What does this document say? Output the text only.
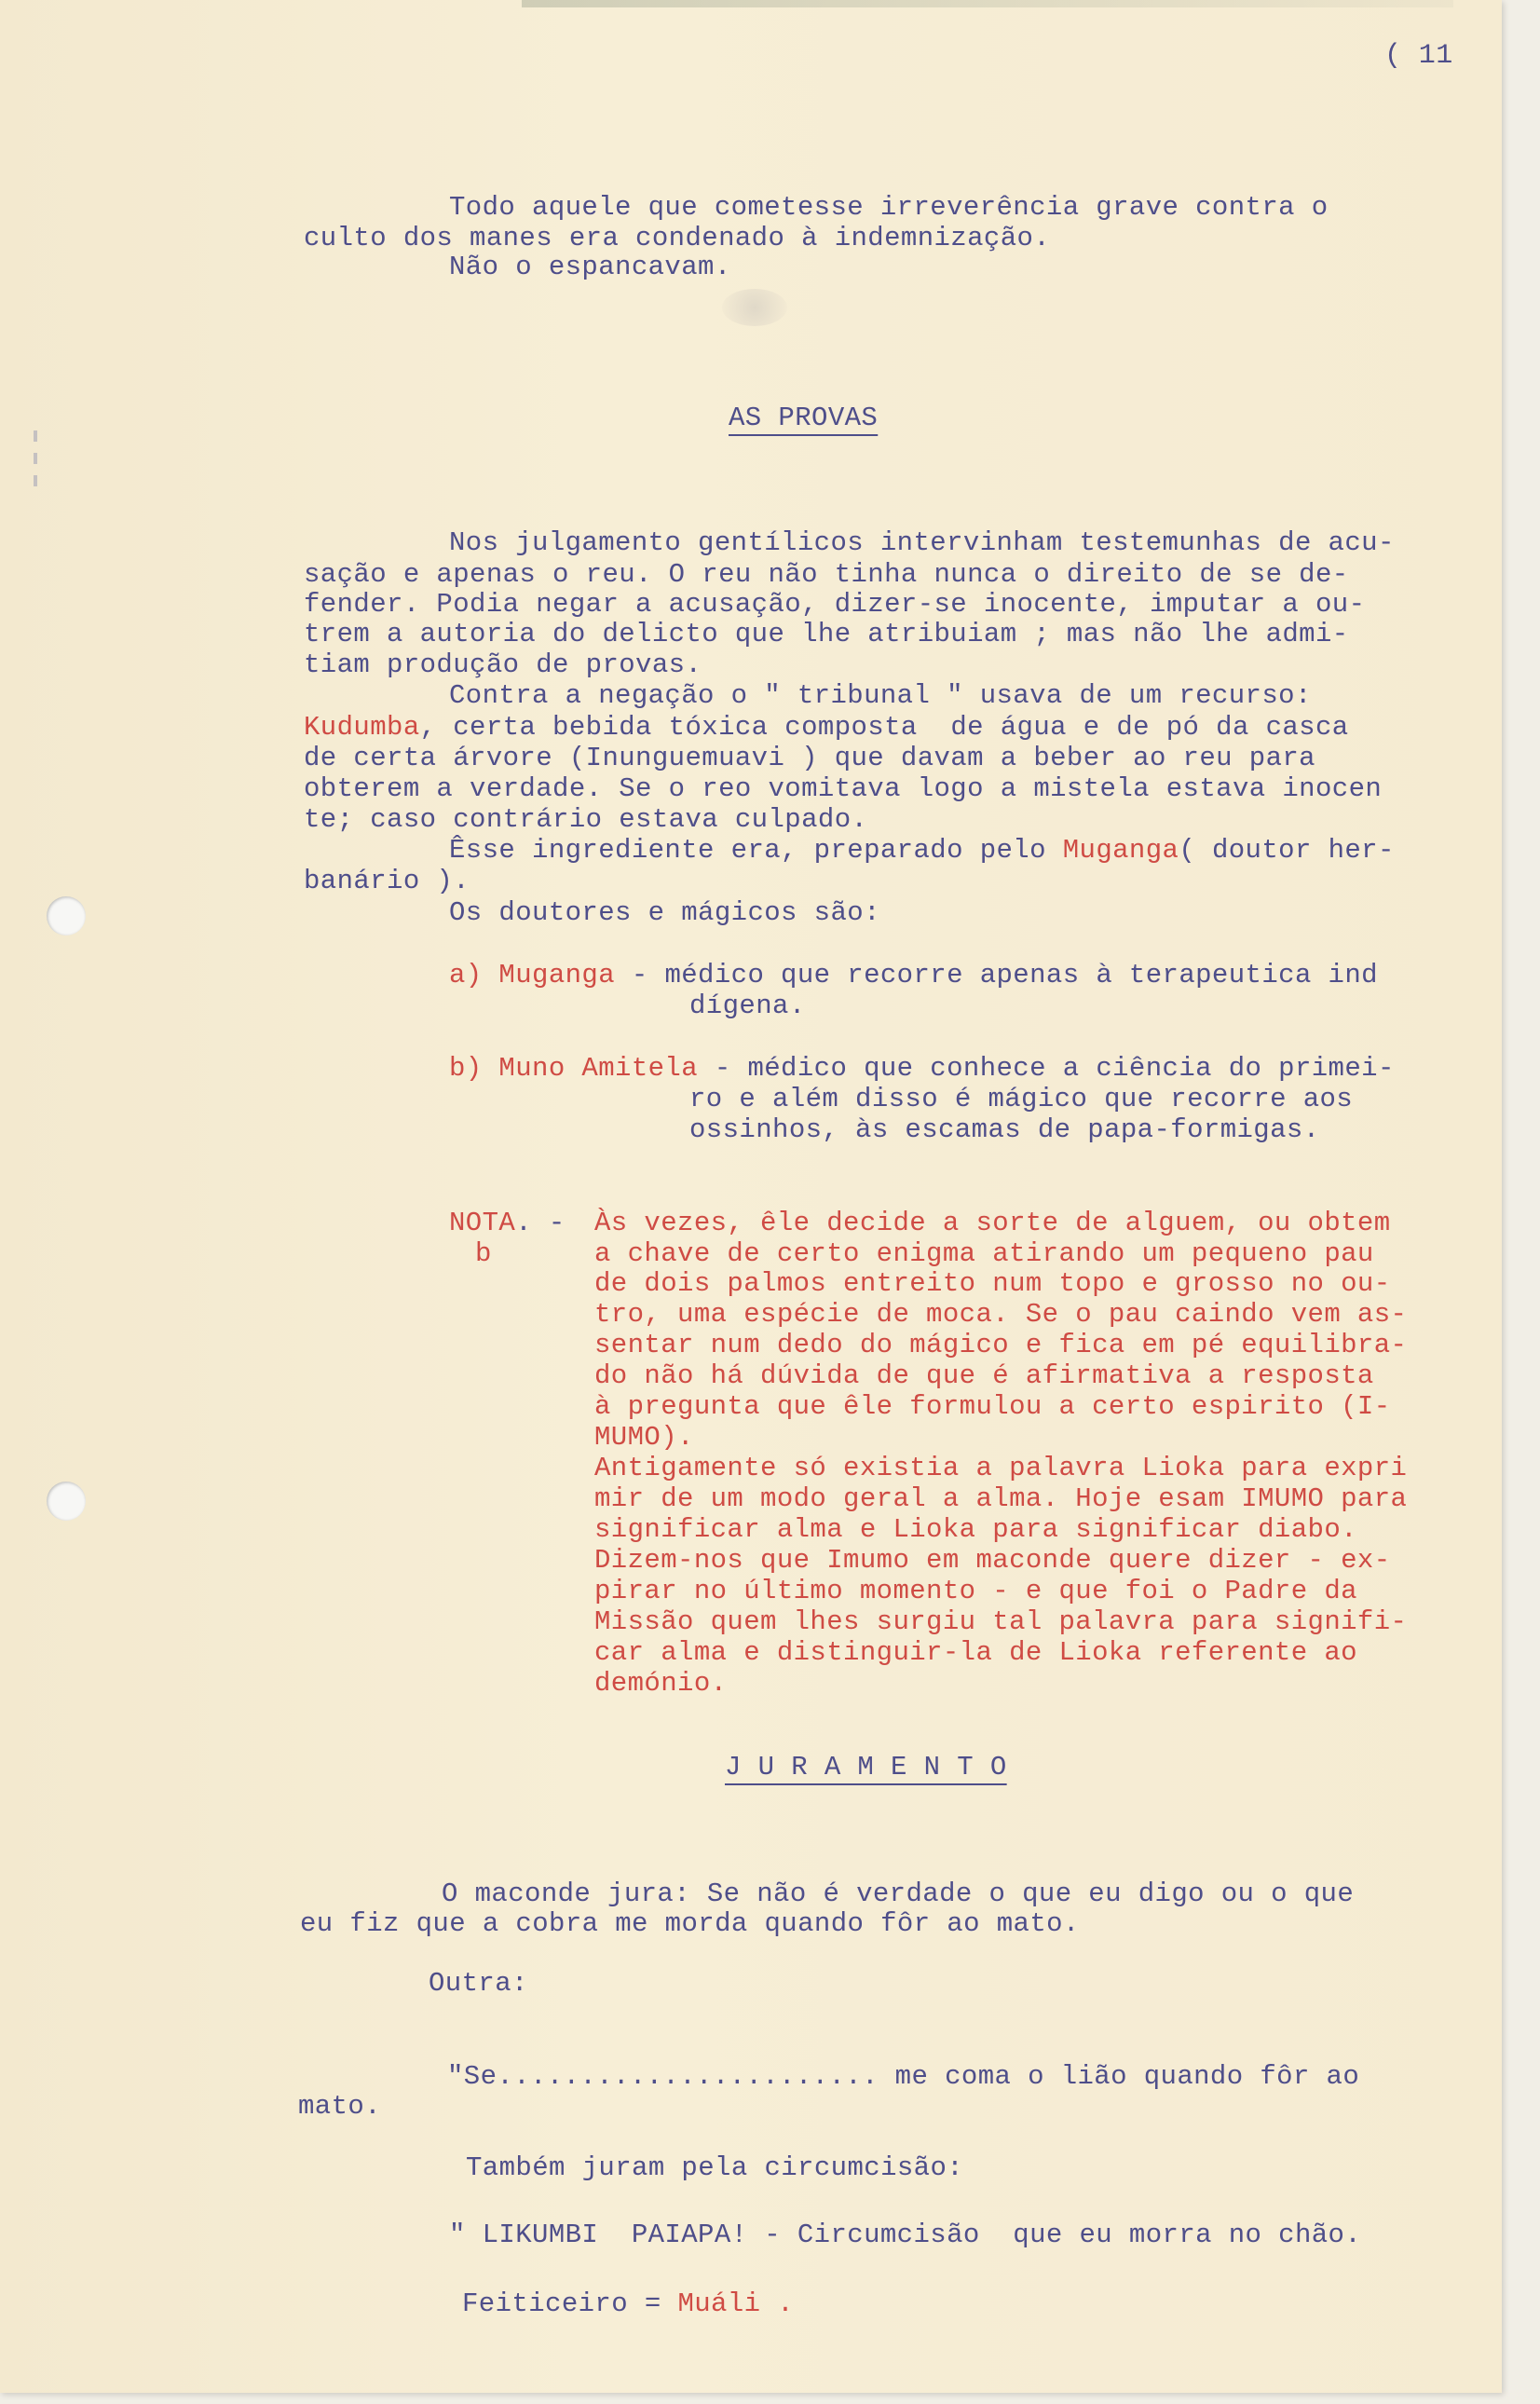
( 11
Todo aquele que cometesse irreverência grave contra o
culto dos manes era condenado à indemnização.
Não o espancavam.
AS PROVAS
Nos julgamento gentílicos intervinham testemunhas de acu-
sação e apenas o reu. O reu não tinha nunca o direito de se de-
fender. Podia negar a acusação, dizer-se inocente, imputar a ou-
trem a autoria do delicto que lhe atribuiam ; mas não lhe admi-
tiam produção de provas.
Contra a negação o " tribunal " usava de um recurso:
Kudumba, certa bebida tóxica composta  de água e de pó da casca
de certa árvore (Inunguemuavi ) que davam a beber ao reu para
obterem a verdade. Se o reo vomitava logo a mistela estava inocen
te; caso contrário estava culpado.
Êsse ingrediente era, preparado pelo Muganga( doutor her-
banário ).
Os doutores e mágicos são:
a) Muganga - médico que recorre apenas à terapeutica ind
dígena.
b) Muno Amitela - médico que conhece a ciência do primei-
ro e além disso é mágico que recorre aos
ossinhos, às escamas de papa-formigas.
NOTA. -
b
Às vezes, êle decide a sorte de alguem, ou obtem
a chave de certo enigma atirando um pequeno pau
de dois palmos entreito num topo e grosso no ou-
tro, uma espécie de moca. Se o pau caindo vem as-
sentar num dedo do mágico e fica em pé equilibra-
do não há dúvida de que é afirmativa a resposta
à pregunta que êle formulou a certo espirito (I-
MUMO).
Antigamente só existia a palavra Lioka para expri
mir de um modo geral a alma. Hoje esam IMUMO para
significar alma e Lioka para significar diabo.
Dizem-nos que Imumo em maconde quere dizer - ex-
pirar no último momento - e que foi o Padre da
Missão quem lhes surgiu tal palavra para signifi-
car alma e distinguir-la de Lioka referente ao
demónio.
J U R A M E N T O
O maconde jura: Se não é verdade o que eu digo ou o que
eu fiz que a cobra me morda quando fôr ao mato.
Outra:
"Se....................... me coma o lião quando fôr ao
mato.
Também juram pela circumcisão:
" LIKUMBI  PAIAPA! - Circumcisão  que eu morra no chão.
Feiticeiro = Muáli .
